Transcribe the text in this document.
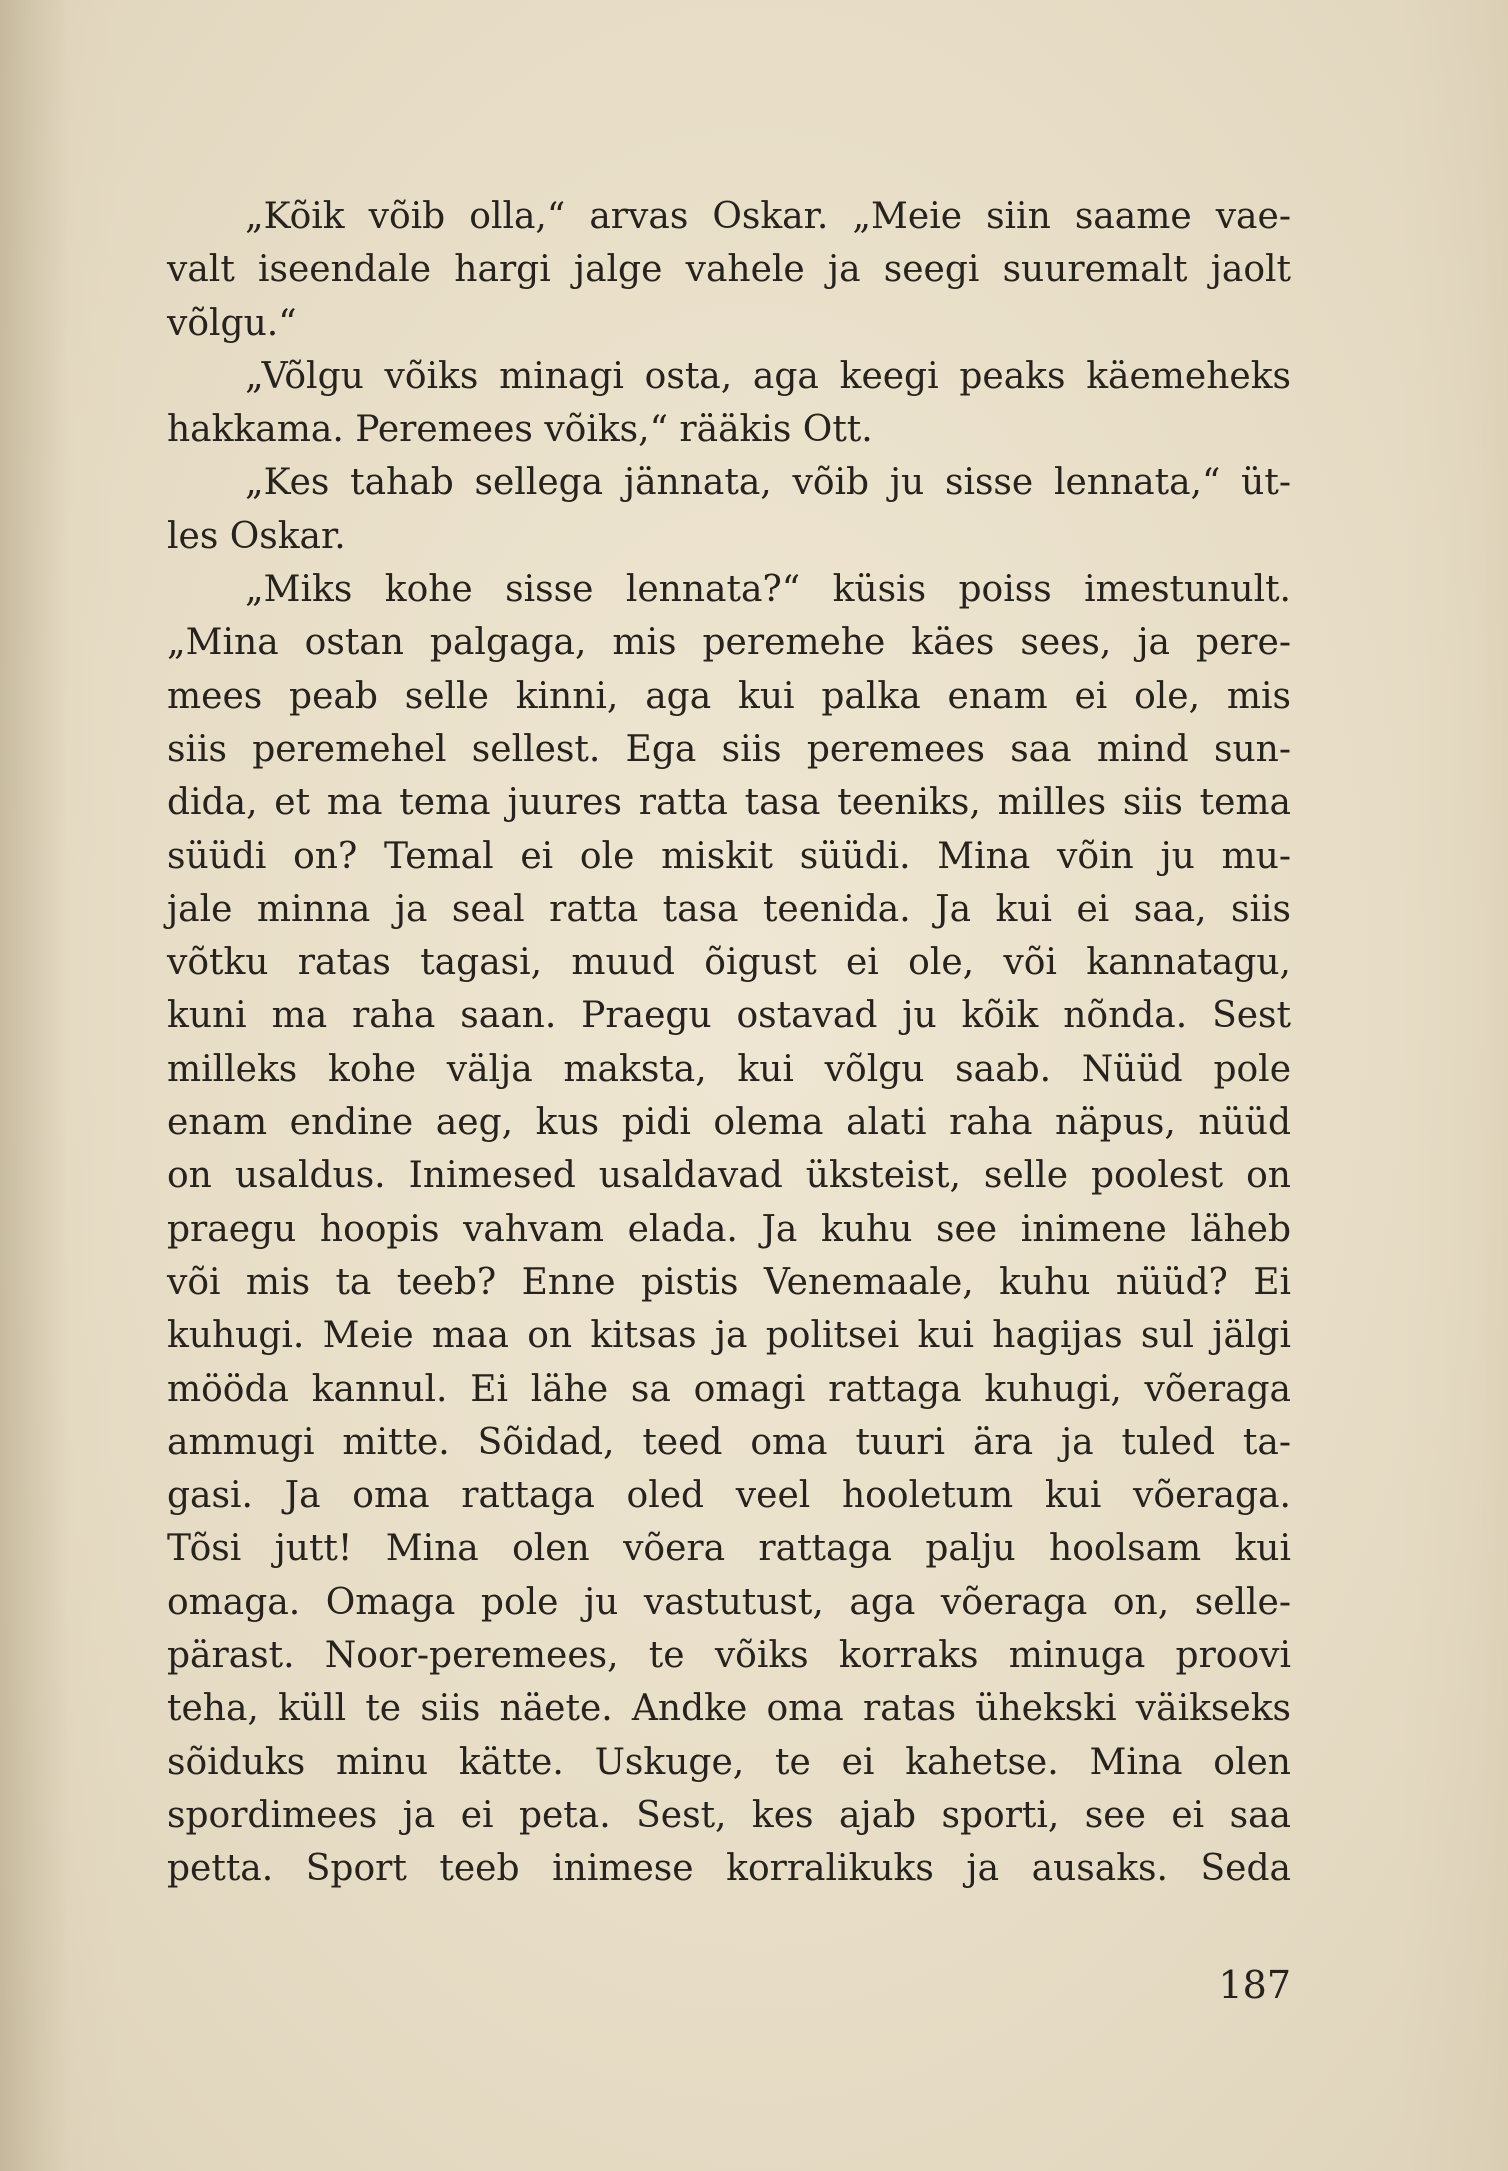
„Kõik võib olla,“ arvas Oskar. „Meie siin saame vae-
valt iseendale hargi jalge vahele ja seegi suuremalt jaolt
võlgu.“
„Võlgu võiks minagi osta, aga keegi peaks käemeheks
hakkama. Peremees võiks,“ rääkis Ott.
„Kes tahab sellega jännata, võib ju sisse lennata,“ üt-
les Oskar.
„Miks kohe sisse lennata?“ küsis poiss imestunult.
„Mina ostan palgaga, mis peremehe käes sees, ja pere-
mees peab selle kinni, aga kui palka enam ei ole, mis
siis peremehel sellest. Ega siis peremees saa mind sun-
dida, et ma tema juures ratta tasa teeniks, milles siis tema
süüdi on? Temal ei ole miskit süüdi. Mina võin ju mu-
jale minna ja seal ratta tasa teenida. Ja kui ei saa, siis
võtku ratas tagasi, muud õigust ei ole, või kannatagu,
kuni ma raha saan. Praegu ostavad ju kõik nõnda. Sest
milleks kohe välja maksta, kui võlgu saab. Nüüd pole
enam endine aeg, kus pidi olema alati raha näpus, nüüd
on usaldus. Inimesed usaldavad üksteist, selle poolest on
praegu hoopis vahvam elada. Ja kuhu see inimene läheb
või mis ta teeb? Enne pistis Venemaale, kuhu nüüd? Ei
kuhugi. Meie maa on kitsas ja politsei kui hagijas sul jälgi
mööda kannul. Ei lähe sa omagi rattaga kuhugi, võeraga
ammugi mitte. Sõidad, teed oma tuuri ära ja tuled ta-
gasi. Ja oma rattaga oled veel hooletum kui võeraga.
Tõsi jutt! Mina olen võera rattaga palju hoolsam kui
omaga. Omaga pole ju vastutust, aga võeraga on, selle-
pärast. Noor-peremees, te võiks korraks minuga proovi
teha, küll te siis näete. Andke oma ratas ühekski väikseks
sõiduks minu kätte. Uskuge, te ei kahetse. Mina olen
spordimees ja ei peta. Sest, kes ajab sporti, see ei saa
petta. Sport teeb inimese korralikuks ja ausaks. Seda
187
